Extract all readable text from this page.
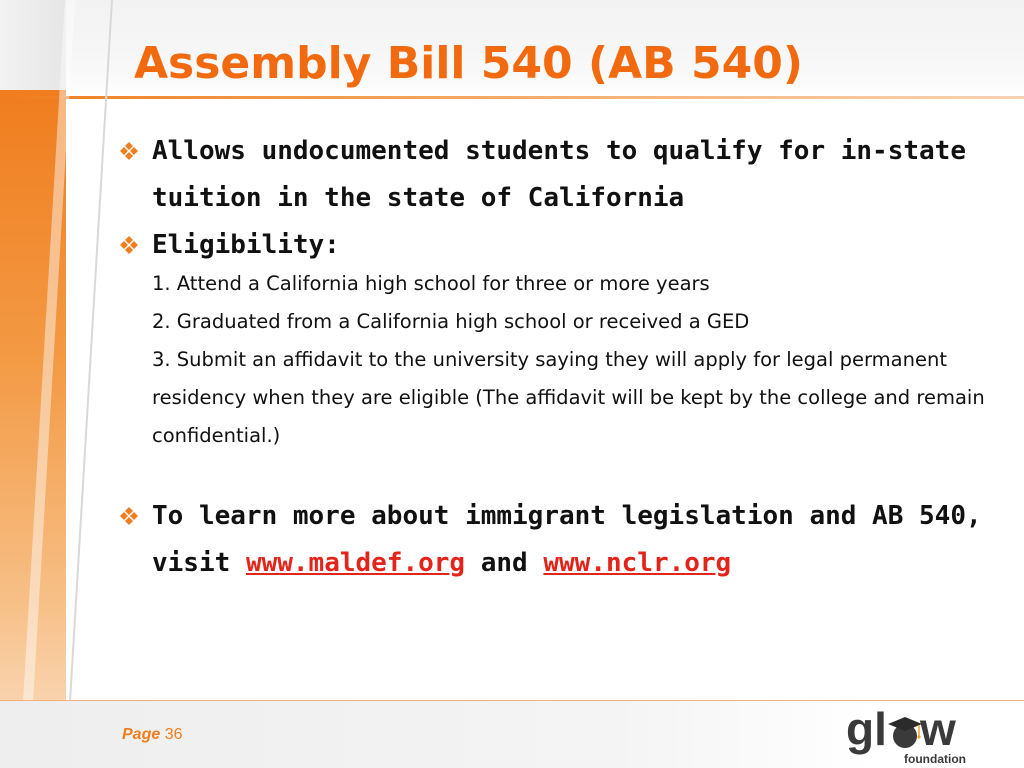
Assembly Bill 540 (AB 540)
Allows undocumented students to qualify for in-state tuition in the state of California
Eligibility:
1. Attend a California high school for three or more years
2. Graduated from a California high school or received a GED
3. Submit an affidavit to the university saying they will apply for legal permanent residency when they are eligible (The affidavit will be kept by the college and remain confidential.)
To learn more about immigrant legislation and AB 540, visit www.maldef.org and www.nclr.org
Page 36	gl w
foundation
